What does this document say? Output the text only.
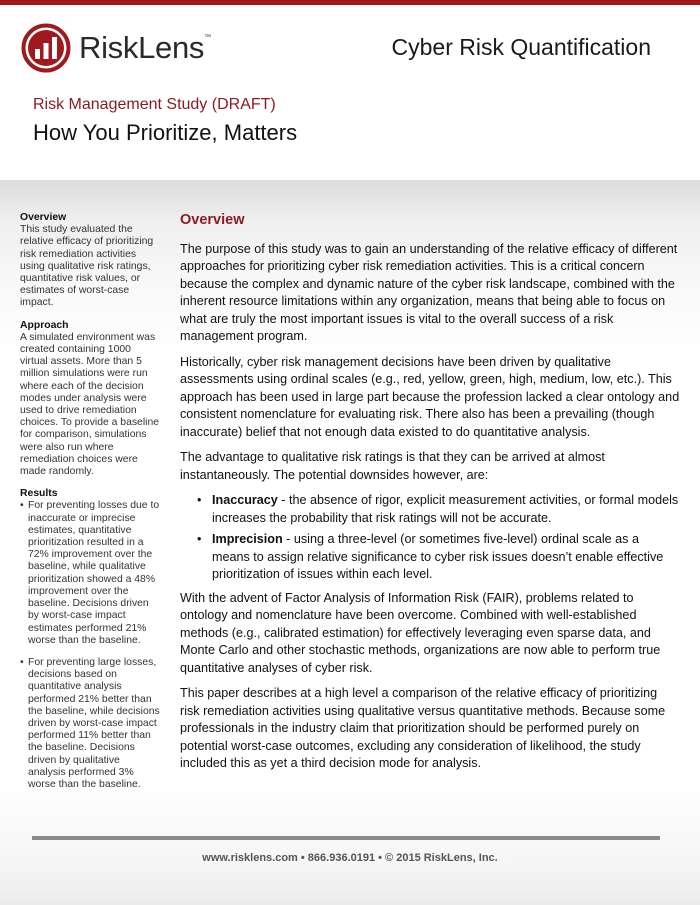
RiskLens™	Cyber Risk Quantification
Risk Management Study (DRAFT)
How You Prioritize, Matters
Overview

This study evaluated the relative efficacy of prioritizing risk remediation activities using qualitative risk ratings, quantitative risk values, or estimates of worst-case impact.

Approach

A simulated environment was created containing 1000 virtual assets. More than 5 million simulations were run where each of the decision modes under analysis were used to drive remediation choices. To provide a baseline for comparison, simulations were also run where remediation choices were made randomly.

Results
• For preventing losses due to inaccurate or imprecise estimates, quantitative prioritization resulted in a 72% improvement over the baseline, while qualitative prioritization showed a 48% improvement over the baseline. Decisions driven by worst-case impact estimates performed 21% worse than the baseline.
• For preventing large losses, decisions based on quantitative analysis performed 21% better than the baseline, while decisions driven by worst-case impact performed 11% better than the baseline. Decisions driven by qualitative analysis performed 3% worse than the baseline.
Overview

The purpose of this study was to gain an understanding of the relative efficacy of different approaches for prioritizing cyber risk remediation activities. This is a critical concern because the complex and dynamic nature of the cyber risk landscape, combined with the inherent resource limitations within any organization, means that being able to focus on what are truly the most important issues is vital to the overall success of a risk management program.

Historically, cyber risk management decisions have been driven by qualitative assessments using ordinal scales (e.g., red, yellow, green, high, medium, low, etc.). This approach has been used in large part because the profession lacked a clear ontology and consistent nomenclature for evaluating risk. There also has been a prevailing (though inaccurate) belief that not enough data existed to do quantitative analysis.

The advantage to qualitative risk ratings is that they can be arrived at almost instantaneously. The potential downsides however, are:

• Inaccuracy - the absence of rigor, explicit measurement activities, or formal models increases the probability that risk ratings will not be accurate.
• Imprecision - using a three-level (or sometimes five-level) ordinal scale as a means to assign relative significance to cyber risk issues doesn’t enable effective prioritization of issues within each level.

With the advent of Factor Analysis of Information Risk (FAIR), problems related to ontology and nomenclature have been overcome. Combined with well-established methods (e.g., calibrated estimation) for effectively leveraging even sparse data, and Monte Carlo and other stochastic methods, organizations are now able to perform true quantitative analyses of cyber risk.

This paper describes at a high level a comparison of the relative efficacy of prioritizing risk remediation activities using qualitative versus quantitative methods. Because some professionals in the industry claim that prioritization should be performed purely on potential worst-case outcomes, excluding any consideration of likelihood, the study included this as yet a third decision mode for analysis.

www.risklens.com • 866.936.0191 • © 2015 RiskLens, Inc.
